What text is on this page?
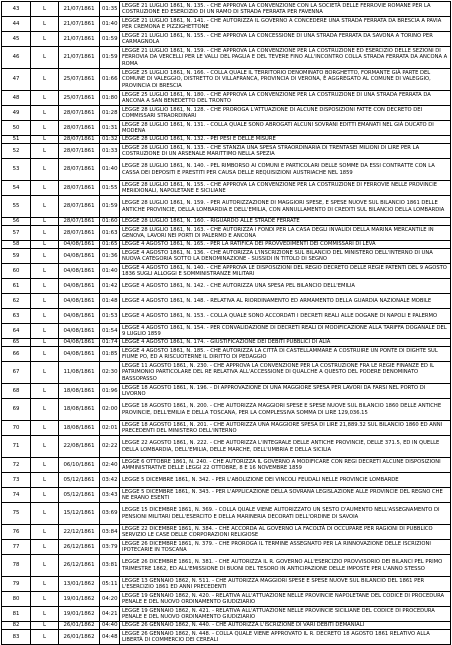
43	L	21/07/1861	01:35	LEGGE 21 LUGLIO 1861, N. 135. - CHE APPROVA LA CONVENZIONE CON LA SOCIETÀ DELLE FERROVIE ROMANE PER LA COSTRUZIONE ED ESERCIZIO DI UN RAMO DI STRADA FERRATA PER FAVENNA
44	L	21/07/1861	01:40	LEGGE 21 LUGLIO 1861, N. 141. - CHE AUTORIZZA IL GOVERNO A CONCEDERE UNA STRADA FERRATA DA BRESCIA A PAVIA PER CREMONA E PIZZIGHETTONE
45	L	21/07/1861	01:59	LEGGE 21 LUGLIO 1861, N. 155. - CHE APPROVA LA CONCESSIONE DI UNA STRADA FERRATA DA SAVONA A TORINO PER CARMAGNOLA
46	L	21/07/1861	01:59	LEGGE 21 LUGLIO 1861, N. 159. - CHE APPROVA LA CONVENZIONE PER LA COSTRUZIONE ED ESERCIZIO DELLE SEZIONI DI FERROVIA DA VERCELLI PER LE VALLI DEL PAGLIA E DEL TEVERE FINO ALL'INCONTRO COLLA STRADA FERRATA DA ANCONA A ROMA
47	L	25/07/1861	01:66	LEGGE 25 LUGLIO 1861, N. 166. - COLLA QUALE IL TERRITORIO DENOMINATO BORGHETTO, FORMANTE GIÀ PARTE DEL COMUNE DI VALEGGIO, DISTRETTO DI VILLAFRANCA, PROVINCIA DI VERONA, È AGGREGATO AL COMUNE DI VALEGGIO, PROVINCIA DI BRESCIA
48	L	25/07/1861	01:80	LEGGE 25 LUGLIO 1861, N. 180. - CHE APPROVA LA CONVENZIONE PER LA COSTRUZIONE DI UNA STRADA FERRATA DA ANCONA A SAN BENEDETTO DEL TRONTO
49	L	28/07/1861	01:28	LEGGE 28 LUGLIO 1861, N. 128. - CHE PROROGA L'ATTUAZIONE DI ALCUNE DISPOSIZIONI FATTE CON DECRETO DEI COMMISSARI STRAORDINARI
50	L	28/07/1861	01:31	LEGGE 28 LUGLIO 1861, N. 131. - COLLA QUALE SONO ABROGATI ALCUNI SOVRANI EDITTI EMANATI NEL GIÀ DUCATO DI MODENA
51	L	28/07/1861	01:32	LEGGE 28 LUGLIO 1861, N. 132. - PEI PESI E DELLE MISURE
52	L	28/07/1861	01:33	LEGGE 28 LUGLIO 1861, N. 133. - CHE STANZIA UNA SPESA STRAORDINARIA DI TRENTASEI MILIONI DI LIRE PER LA COSTRUZIONE DI UN ARSENALE MARITTIMO NELLA SPEZIA
53	L	28/07/1861	01:40	LEGGE 28 LUGLIO 1861, N. 140. - PEL RIMBORSO AI COMUNI E PARTICOLARI DELLE SOMME DA ESSI CONTRATTE CON LA CASSA DEI DEPOSITI E PRESTITI PER CAUSA DELLE REQUISIZIONI AUSTRIACHE NEL 1859
54	L	28/07/1861	01:55	LEGGE 28 LUGLIO 1861, N. 155. - CHE APPROVA LA CONVENZIONE PER LA COSTRUZIONE DI FERROVIE NELLE PROVINCIE MERIDIONALI, NAPOLETANE E SICILIANE
55	L	28/07/1861	01:59	LEGGE 28 LUGLIO 1861, N. 159. - PER AUTORIZZAZIONE DI MAGGIORI SPESE, E SPESE NUOVE SUL BILANCIO 1861 DELLE ANTICHE PROVINCIE, DELLA LOMBARDIA E DELL'EMILIA, CON ANNULLAMENTO DI CREDITI SUL BILANCIO DELLA LOMBARDIA
56	L	28/07/1861	01:60	LEGGE 28 LUGLIO 1861, N. 160. - RIGUARDO ALLE STRADE FERRATE
57	L	28/07/1861	01:63	LEGGE 28 LUGLIO 1861, N. 163. - CHE AUTORIZZA I FONDI PER LA CASA DEGLI INVALIDI DELLA MARINA MERCANTILE IN GENOVA, LAVORI NEI PORTI DI PALERMO E ANCONA
58	L	04/08/1861	01:65	LEGGE 4 AGOSTO 1861, N. 165. - PER LA RATIFICA DEI PROVVEDIMENTI DEI COMMISSARI DI LEVA
59	L	04/08/1861	01:36	LEGGE 4 AGOSTO 1861, N. 136. - CHE AUTORIZZA L'INSCRIZIONE SUL BILANCIO DEL MINISTERO DELL'INTERNO DI UNA NUOVA CATEGORIA SOTTO LA DENOMINAZIONE - SUSSIDI IN TITOLO DI SEGNO
60	L	04/08/1861	01:40	LEGGE 4 AGOSTO 1861, N. 140. - CHE APPROVA LE DISPOSIZIONI DEL REGIO DECRETO DELLE REGIE PATENTI DEL 9 AGOSTO 1836 SUGLI ALLOGGI E SOMMINISTRANZE MILITARI
61	L	04/08/1861	01:42	LEGGE 4 AGOSTO 1861, N. 142. - CHE AUTORIZZA UNA SPESA PEL BILANCIO DELL'EMILIA
62	L	04/08/1861	01:48	LEGGE 4 AGOSTO 1861, N. 148. - RELATIVA AL RIORDINAMENTO ED ARMAMENTO DELLA GUARDIA NAZIONALE MOBILE
63	L	04/08/1861	01:53	LEGGE 4 AGOSTO 1861, N. 153. - COLLA QUALE SONO ACCORDATI I DECRETI REALI ALLE DOGANE DI NAPOLI E PALERMO
64	L	04/08/1861	01:54	LEGGE 4 AGOSTO 1861, N. 154. - PER CONVALIDAZIONE DI DECRETI REALI DI MODIFICAZIONE ALLA TARIFFA DOGANALE DEL 9 LUGLIO 1859
65	L	04/08/1861	01:74	LEGGE 4 AGOSTO 1861, N. 174. - GIUSTIFICAZIONE DEI DEBITI PUBBLICI DI ALIA
66	L	04/08/1861	01:85	LEGGE 4 AGOSTO 1861, N. 185. - CHE AUTORIZZA LA CITTÀ DI CASTELLAMMARE A COSTRUIRE UN PONTE DI DIGHTE SUL FIUME PO, ED A RISCUOTERNE IL DIRITTO DI PEDAGGIO
67	L	11/08/1861	02:30	LEGGE 11 AGOSTO 1861, N. 230. - CHE APPROVA LA CONVENZIONE PER LA COSTRUZIONE FRA LE REGIE FINANZE ED IL PATRIMONIO PARTICOLARE DEL RE RELATIVA ALL'ACCESSIONE DI QUALCHE A QUESTO DEL PODERE DENOMINATO BASSOPASSO
68	L	18/08/1861	01:96	LEGGE 18 AGOSTO 1861, N. 196. - DI APPROVAZIONE DI UNA MAGGIORE SPESA PER LAVORI DA FARSI NEL PORTO DI LIVORNO
69	L	18/08/1861	02:00	LEGGE 18 AGOSTO 1861, N. 200. - CHE AUTORIZZA MAGGIORI SPESE E SPESE NUOVE SUL BILANCIO 1860 DELLE ANTICHE PROVINCIE, DELL'EMILIA E DELLA TOSCANA, PER LA COMPLESSIVA SOMMA DI LIRE 129,036.15
70	L	18/08/1861	02:01	LEGGE 18 AGOSTO 1861, N. 201. - CHE AUTORIZZA UNA MAGGIORE SPESA DI LIRE 21,889.32 SUL BILANCIO 1860 ED ANNI PRECEDENTI DEL MINISTERO DELL'INTERNO
71	L	22/08/1861	02:22	LEGGE 22 AGOSTO 1861, N. 222. - CHE AUTORIZZA L'INTEGRALE DELLE ANTICHE PROVINCIE, DELLE 371.5, ED IN QUELLE DELLA LOMBARDIA, DELL'EMILIA, DELLE MARCHE, DELL'UMBRIA E DELLA SICILIA
72	L	06/10/1861	02:40	LEGGE 6 OTTOBRE 1861, N. 240. - CHE AUTORIZZA IL GOVERNO A MODIFICARE CON REGI DECRETI ALCUNE DISPOSIZIONI AMMINISTRATIVE DELLE LEGGI 22 OTTOBRE, 8 E 16 NOVEMBRE 1859
73	L	05/12/1861	03:42	LEGGE 5 DICEMBRE 1861, N. 342. - PER L'ABOLIZIONE DEI VINCOLI FEUDALI NELLE PROVINCIE LOMBARDE
74	L	05/12/1861	03:43	LEGGE 5 DICEMBRE 1861, N. 343. - PER L'APPLICAZIONE DELLA SOVRANA LEGISLAZIONE ALLE PROVINCIE DEL REGNO CHE NE ERANO ESENTI
75	L	15/12/1861	03:69	LEGGE 15 DICEMBRE 1861, N. 369. - COLLA QUALE VIENE AUTORIZZATO UN SESTO D'AUMENTO NELL'ASSEGNAMENTO DI PENSIONI MILITARI DELL'ESERCITO E DELLA MARINERIA DECORATI DELL'ORDINE DI SAVOIA
76	L	22/12/1861	03:84	LEGGE 22 DICEMBRE 1861, N. 384. - CHE ACCORDA AL GOVERNO LA FACOLTÀ DI OCCUPARE PER RAGIONI DI PUBBLICO SERVIZIO LE CASE DELLE CORPORAZIONI RELIGIOSE
77	L	26/12/1861	03:79	LEGGE 26 DICEMBRE 1861, N. 379. - CHE PROROGA IL TERMINE ASSEGNATO PER LA RINNOVAZIONE DELLE ISCRIZIONI IPOTECARIE IN TOSCANA
78	L	26/12/1861	03:81	LEGGE 26 DICEMBRE 1861, N. 381. - CHE AUTORIZZA IL R. GOVERNO ALL'ESERCIZIO PROVVISORIO DEI BILANCI PEL PRIMO TRIMESTRE 1862, ED ALL'EMISSIONE DI BUONI DEL TESORO IN ANTICIPAZIONE DELLE IMPOSTE PER L'ANNO STESSO
79	L	13/01/1862	05:11	LEGGE 13 GENNAIO 1862, N. 511. - CHE AUTORIZZA MAGGIORI SPESE E SPESE NUOVE SUL BILANCIO DEL 1861 PER L'ESERCIZIO 1861 ED ANNI PRECEDENTI
80	L	19/01/1862	04:20	LEGGE 19 GENNAIO 1862, N. 420. - RELATIVA ALL'ATTUAZIONE NELLE PROVINCIE NAPOLETANE DEL CODICE DI PROCEDURA PENALE E DEL NUOVO ORDINAMENTO GIUDIZIARIO
81	L	19/01/1862	04:21	LEGGE 19 GENNAIO 1862, N. 421. - RELATIVA ALL'ATTUAZIONE NELLE PROVINCIE SICILIANE DEL CODICE DI PROCEDURA PENALE E DEL NUOVO ORDINAMENTO GIUDIZIARIO
82	L	26/01/1862	04:40	LEGGE 26 GENNAIO 1862, N. 440. - CHE AUTORIZZA L'ISCRIZIONE DI VARI DEBITI DEMANIALI
83	L	26/01/1862	04:48	LEGGE 26 GENNAIO 1862, N. 448. - COLLA QUALE VIENE APPROVATO IL R. DECRETO 18 AGOSTO 1861 RELATIVO ALLA LIBERTÀ DI COMMERCIO DEI CEREALI
